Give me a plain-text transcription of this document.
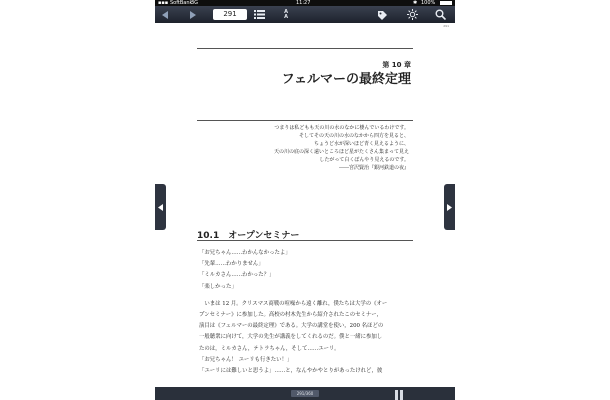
▪▪▪ SoftBank
3G	11:27	✱ 100%
291	A
A
291
第 10 章
フェルマーの最終定理
つまりは私どもも天の川の水のなかに棲んでいるわけです。
そしてその天の川の水のなかから四方を見ると、
ちょうど水が深いほど青く見えるように、
天の川の底の深く遠いところほど星がたくさん集まって見え
したがって白くぼんやり見えるのです。
――宮沢賢治『銀河鉄道の夜』
10.1　オープンセミナー
「お兄ちゃん……わかんなかったよ」
「先輩……わかりません」
「ミルカさん……わかった？」
「楽しかった」
　いまは 12 月。クリスマス商戦の喧噪から遠く離れ，僕たちは大学の《オー
プンセミナー》に参加した。高校の村木先生から紹介されたこのセミナー，
演目は《フェルマーの最終定理》である。大学の講堂を使い，200 名ほどの
一般聴衆に向けて，大学の先生が講義をしてくれるのだ。僕と一緒に参加し
たのは，ミルカさん，テトラちゃん，そして……ユーリ。
「お兄ちゃん！ ユーリも行きたい！」
「ユーリには難しいと思うよ」……と，なんやかやとりがあったけれど，彼
291/360
